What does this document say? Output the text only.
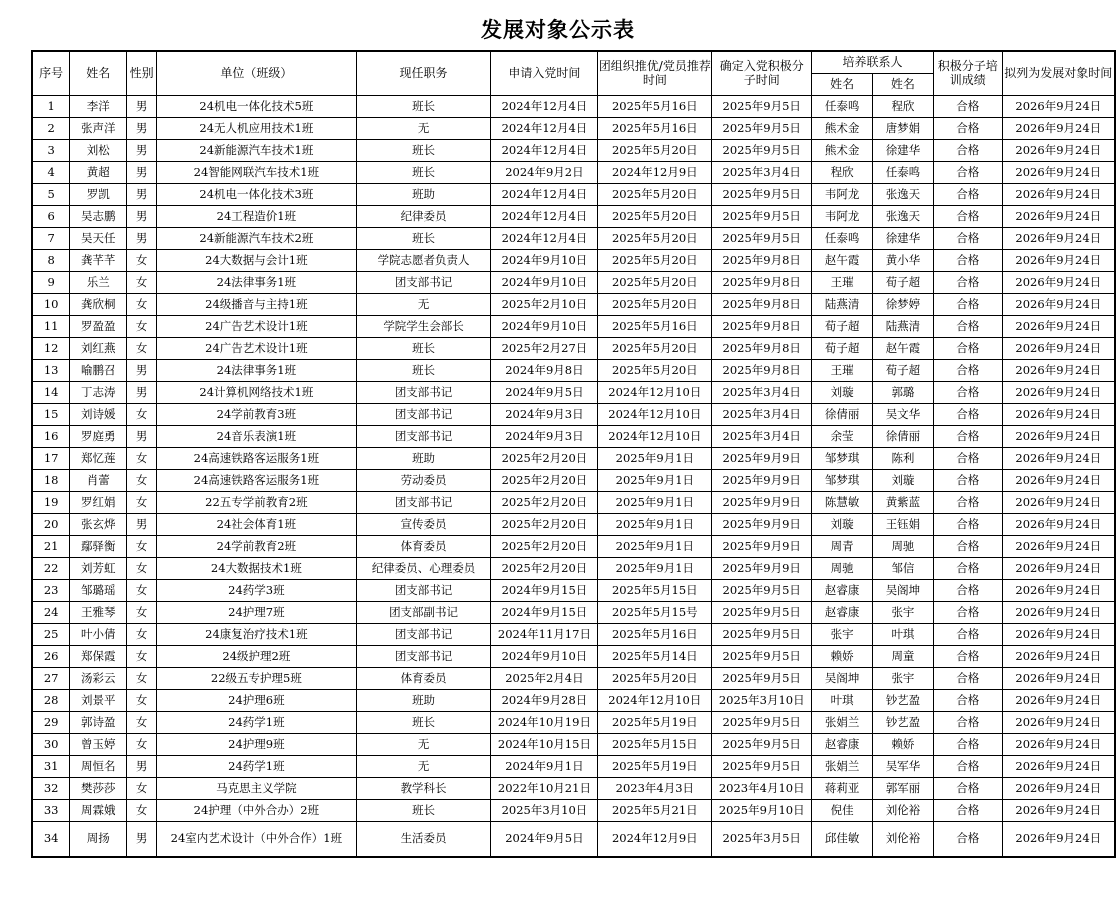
发展对象公示表
序号	姓名	性别	单位（班级）	现任职务	申请入党时间	团组织推优/党员推荐时间	确定入党积极分子时间	培养联系人		积极分子培训成绩	拟列为发展对象时间
								姓名	姓名		
1	李洋	男	24机电一体化技术5班	班长	2024年12月4日	2025年5月16日	2025年9月5日	任泰鸣	程欣	合格	2026年9月24日
2	张声洋	男	24无人机应用技术1班	无	2024年12月4日	2025年5月16日	2025年9月5日	熊术金	唐梦娟	合格	2026年9月24日
3	刘松	男	24新能源汽车技术1班	班长	2024年12月4日	2025年5月20日	2025年9月5日	熊术金	徐建华	合格	2026年9月24日
4	黄超	男	24智能网联汽车技术1班	班长	2024年9月2日	2024年12月9日	2025年3月4日	程欣	任泰鸣	合格	2026年9月24日
5	罗凯	男	24机电一体化技术3班	班助	2024年12月4日	2025年5月20日	2025年9月5日	韦阿龙	张逸天	合格	2026年9月24日
6	吴志鹏	男	24工程造价1班	纪律委员	2024年12月4日	2025年5月20日	2025年9月5日	韦阿龙	张逸天	合格	2026年9月24日
7	吴天任	男	24新能源汽车技术2班	班长	2024年12月4日	2025年5月20日	2025年9月5日	任泰鸣	徐建华	合格	2026年9月24日
8	龚芊芊	女	24大数据与会计1班	学院志愿者负责人	2024年9月10日	2025年5月20日	2025年9月8日	赵午霞	黄小华	合格	2026年9月24日
9	乐兰	女	24法律事务1班	团支部书记	2024年9月10日	2025年5月20日	2025年9月8日	王璀	荀子超	合格	2026年9月24日
10	龚欣桐	女	24级播音与主持1班	无	2025年2月10日	2025年5月20日	2025年9月8日	陆燕清	徐梦婷	合格	2026年9月24日
11	罗盈盈	女	24广告艺术设计1班	学院学生会部长	2024年9月10日	2025年5月16日	2025年9月8日	荀子超	陆燕清	合格	2026年9月24日
12	刘红燕	女	24广告艺术设计1班	班长	2025年2月27日	2025年5月20日	2025年9月8日	荀子超	赵午霞	合格	2026年9月24日
13	喻鹏召	男	24法律事务1班	班长	2024年9月8日	2025年5月20日	2025年9月8日	王璀	荀子超	合格	2026年9月24日
14	丁志涛	男	24计算机网络技术1班	团支部书记	2024年9月5日	2024年12月10日	2025年3月4日	刘璇	郭璐	合格	2026年9月24日
15	刘诗媛	女	24学前教育3班	团支部书记	2024年9月3日	2024年12月10日	2025年3月4日	徐倩丽	吴文华	合格	2026年9月24日
16	罗庭勇	男	24音乐表演1班	团支部书记	2024年9月3日	2024年12月10日	2025年3月4日	余莹	徐倩丽	合格	2026年9月24日
17	郑忆莲	女	24高速铁路客运服务1班	班助	2025年2月20日	2025年9月1日	2025年9月9日	邹梦琪	陈利	合格	2026年9月24日
18	肖蕾	女	24高速铁路客运服务1班	劳动委员	2025年2月20日	2025年9月1日	2025年9月9日	邹梦琪	刘璇	合格	2026年9月24日
19	罗红娟	女	22五专学前教育2班	团支部书记	2025年2月20日	2025年9月1日	2025年9月9日	陈慧敏	黄紫蓝	合格	2026年9月24日
20	张玄烨	男	24社会体育1班	宣传委员	2025年2月20日	2025年9月1日	2025年9月9日	刘璇	王钰娟	合格	2026年9月24日
21	鄢驿衡	女	24学前教育2班	体育委员	2025年2月20日	2025年9月1日	2025年9月9日	周青	周驰	合格	2026年9月24日
22	刘芳虹	女	24大数据技术1班	纪律委员、心理委员	2025年2月20日	2025年9月1日	2025年9月9日	周驰	邹信	合格	2026年9月24日
23	邹璐瑶	女	24药学3班	团支部书记	2024年9月15日	2025年5月15日	2025年9月5日	赵睿康	吴阁坤	合格	2026年9月24日
24	王雅琴	女	24护理7班	团支部副书记	2024年9月15日	2025年5月15号	2025年9月5日	赵睿康	张宇	合格	2026年9月24日
25	叶小倩	女	24康复治疗技术1班	团支部书记	2024年11月17日	2025年5月16日	2025年9月5日	张宇	叶琪	合格	2026年9月24日
26	郑保霞	女	24级护理2班	团支部书记	2024年9月10日	2025年5月14日	2025年9月5日	赖娇	周童	合格	2026年9月24日
27	汤彩云	女	22级五专护理5班	体育委员	2025年2月4日	2025年5月20日	2025年9月5日	吴阁坤	张宇	合格	2026年9月24日
28	刘景平	女	24护理6班	班助	2024年9月28日	2024年12月10日	2025年3月10日	叶琪	钞艺盈	合格	2026年9月24日
29	郭诗盈	女	24药学1班	班长	2024年10月19日	2025年5月19日	2025年9月5日	张娟兰	钞艺盈	合格	2026年9月24日
30	曾玉婷	女	24护理9班	无	2024年10月15日	2025年5月15日	2025年9月5日	赵睿康	赖娇	合格	2026年9月24日
31	周恒名	男	24药学1班	无	2024年9月1日	2025年5月19日	2025年9月5日	张娟兰	吴军华	合格	2026年9月24日
32	樊莎莎	女	马克思主义学院	教学科长	2022年10月21日	2023年4月3日	2023年4月10日	蒋莉亚	郭军丽	合格	2026年9月24日
33	周霖娥	女	24护理（中外合办）2班	班长	2025年3月10日	2025年5月21日	2025年9月10日	倪佳	刘伦裕	合格	2026年9月24日
34	周扬	男	24室内艺术设计（中外合作）1班	生活委员	2024年9月5日	2024年12月9日	2025年3月5日	邱佳敏	刘伦裕	合格	2026年9月24日
